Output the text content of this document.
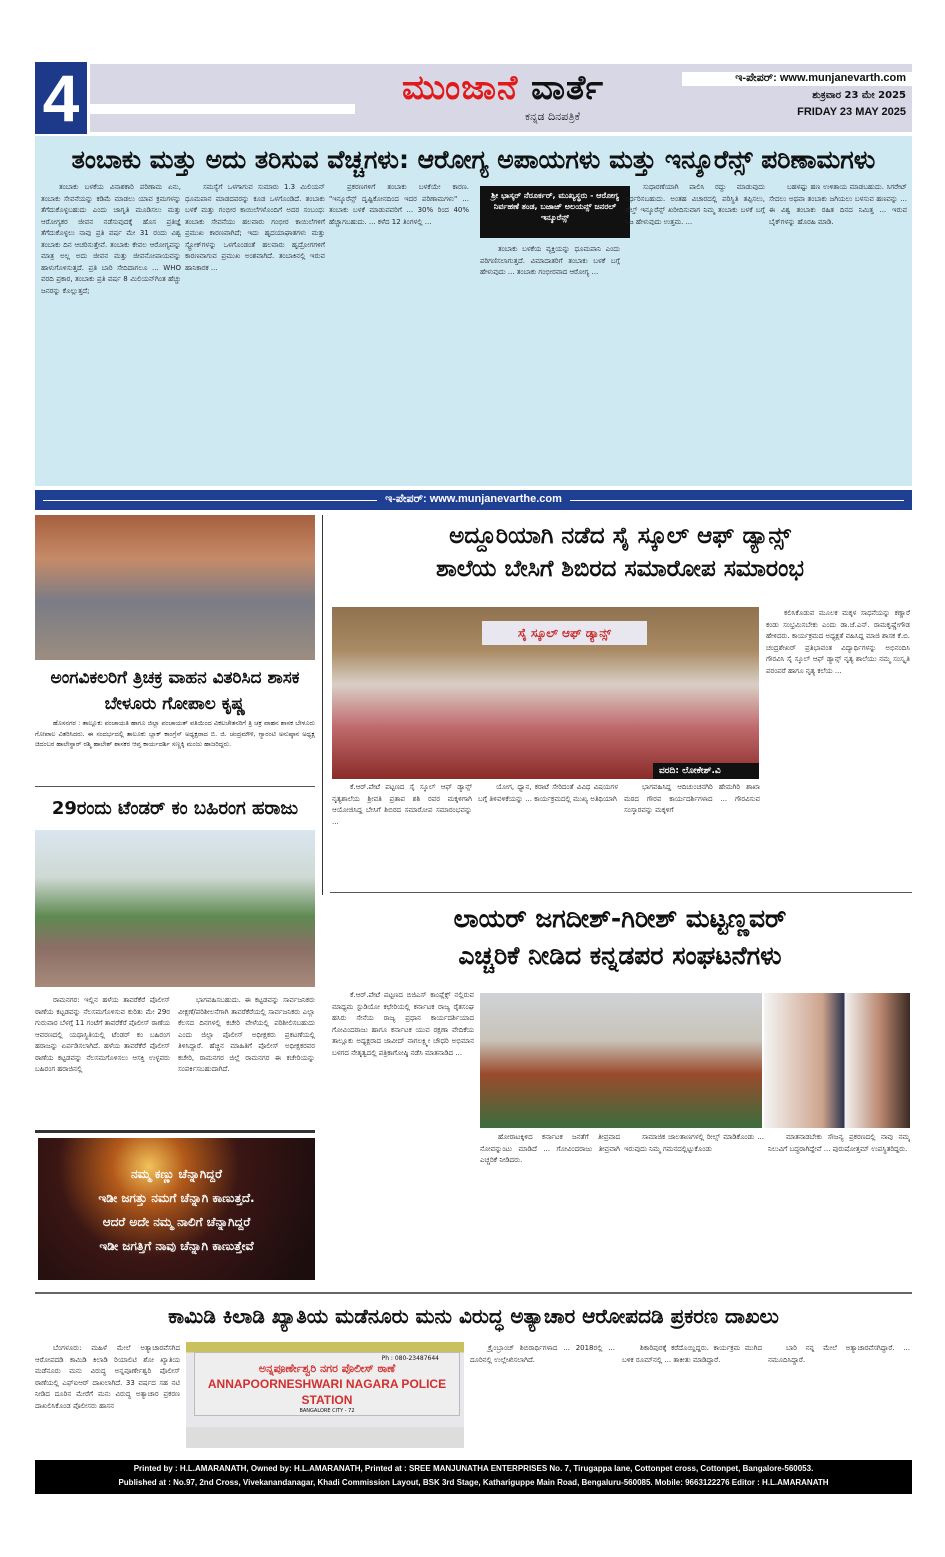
4	ಮುಂಜಾನೆ ವಾರ್ತೆ
ಕನ್ನಡ ದಿನಪತ್ರಿಕೆ
ಇ-ಪೇಪರ್: www.munjanevarth.com
ಶುಕ್ರವಾರ 23 ಮೇ 2025
FRIDAY 23 MAY 2025
ತಂಬಾಕು ಮತ್ತು ಅದು ತರಿಸುವ ವೆಚ್ಚಗಳು: ಆರೋಗ್ಯ ಅಪಾಯಗಳು ಮತ್ತು ಇನ್ಶೂರೆನ್ಸ್ ಪರಿಣಾಮಗಳು

ತಂಬಾಕು ಬಳಕೆಯ ವಿನಾಶಕಾರಿ ಪರಿಣಾಮ ಏನು, ತಂಬಾಕು ಸೇವನೆಯನ್ನು ಕಡಿಮೆ ಮಾಡಲು ಯಾವ ಕ್ರಮಗಳನ್ನು ತೆಗೆದುಕೊಳ್ಳಬಹುದು ಎಂದು ಜಾಗೃತಿ ಮೂಡಿಸಲು ಮತ್ತು ಆರೋಗ್ಯಕರ ಜೀವನ ನಡೆಸುವುದಕ್ಕೆ ಹೊಸ ಪ್ರತಿಜ್ಞೆ ತೆಗೆದುಕೊಳ್ಳಲು ನಾವು ಪ್ರತಿ ವರ್ಷ ಮೇ 31 ರಂದು ವಿಶ್ವ ತಂಬಾಕು ದಿನ ಆಚರಿಸುತ್ತೇವೆ. ತಂಬಾಕು ಕೇವಲ ಆರೋಗ್ಯವನ್ನು ಮಾತ್ರ ಅಲ್ಲ ಅದು ಜೀವನ ಮತ್ತು ಜೀವನೋಪಾಯವನ್ನು ಹಾಳುಗೊಳಿಸುತ್ತದೆ. ಪ್ರತಿ ಬಾರಿ ಸೇದಿದಾಗಲೂ ... WHO ವರದಿ ಪ್ರಕಾರ, ತಂಬಾಕು ಪ್ರತಿ ವರ್ಷ 8 ಮಿಲಿಯನ್‌ಗಿಂತ ಹೆಚ್ಚು ಜನರನ್ನು ಕೊಲ್ಲುತ್ತದೆ;

ಸಮಸ್ಯೆಗೆ ಒಳಗಾಗುವ ಸುಮಾರು 1.3 ಮಿಲಿಯನ್ ಧೂಮಪಾನ ಮಾಡದವರನ್ನು ಕೂಡ ಒಳಗೊಂಡಿದೆ. ತಂಬಾಕು ಬಳಕೆ ಮತ್ತು ಗಂಭೀರ ಕಾಯಿಲೆಗಳೊಂದಿಗೆ ಅದರ ಸಂಬಂಧ: ತಂಬಾಕು ಸೇವನೆಯು ಹಲವಾರು ಗಂಭೀರ ಕಾಯಿಲೆಗಳಿಗೆ ಪ್ರಮುಖ ಕಾರಣವಾಗಿದೆ; ಇದು ಹೃದಯಾಘಾತಗಳು ಮತ್ತು ಸ್ಟ್ರೋಕ್‌ಗಳನ್ನು ಒಳಗೊಂಡಂತೆ ಹಲವಾರು ಹೃದ್ರೋಗಗಳಿಗೆ ಕಾರಣವಾಗುವ ಪ್ರಮುಖ ಅಂಶವಾಗಿದೆ. ತಂಬಾಕಿನಲ್ಲಿ ಇರುವ ಹಾನಿಕಾರಕ ...

ಪ್ರಕರಣಗಳಿಗೆ ತಂಬಾಕು ಬಳಕೆಯೇ ಕಾರಣ. "ಇನ್ಶೂರೆನ್ಸ್ ದೃಷ್ಟಿಕೋನದಿಂದ ಇದರ ಪರಿಣಾಮಗಳು" ... ತಂಬಾಕು ಬಳಕೆ ಮಾಡುವವರಿಗೆ ... 30% ರಿಂದ 40% ಹೆಚ್ಚಾಗಬಹುದು. ... ಕಳೆದ 12 ತಿಂಗಳಲ್ಲಿ ...

ಶ್ರೀ ಭಾಸ್ಕರ್ ನೆರೂರ್ಕರ್, ಮುಖ್ಯಸ್ಥರು - ಆರೋಗ್ಯ ನಿರ್ವಹಣೆ ತಂಡ, ಬಜಾಜ್ ಅಲಯನ್ಸ್ ಜನರಲ್ ಇನ್ಶೂರೆನ್ಸ್

ತಂಬಾಕು ಬಳಕೆಯ ವ್ಯಕ್ತಿಯನ್ನು ಧೂಮಪಾನಿ ಎಂದು ಪರಿಗಣಿಸಲಾಗುತ್ತದೆ. ವಿಮಾದಾತರಿಗೆ ತಂಬಾಕು ಬಳಕೆ ಬಗ್ಗೆ ಹೇಳುವುದು ... ತಂಬಾಕು ಗಂಭೀರವಾದ ಆರೋಗ್ಯ ...

ಸುಧಾರಣೆಯಾಗಿ ಪಾಲಿಸಿ ರದ್ದು ಮಾಡುವುದು ನಿರ್ಧರಿಸಬಹುದು. ಅಂತಹ ವಿಚಾರದಲ್ಲಿ ಪರಿಸ್ಥಿತಿ ತಪ್ಪಿಸಲು, ಹೆಲ್ತ್ ಇನ್ಶೂರೆನ್ಸ್ ಖರೀದಿಸುವಾಗ ನಿಮ್ಮ ತಂಬಾಕು ಬಳಕೆ ಬಗ್ಗೆ ನಿಜ ಹೇಳುವುದು ಉತ್ತಮ. ...

ಬಹಳಷ್ಟು ಹಣ ಉಳಿತಾಯ ಮಾಡಬಹುದು. ಸಿಗರೇಟ್ ಸೇದಲು ಅಥವಾ ತಂಬಾಕು ಜಗಿಯಲು ಬಳಸುವ ಹಣವನ್ನು ... ಈ ವಿಶ್ವ ತಂಬಾಕು ರಹಿತ ದಿನದ ನಿಮಿತ್ತ ... ಇರುವ ಬೈಕ್‌ಗಳನ್ನು ಹೊರಹಿ ಮಾಡಿ.

ಇ-ಪೇಪರ್: www.munjanevarthe.com
ಅಂಗವಿಕಲರಿಗೆ ತ್ರಿಚಕ್ರ ವಾಹನ ವಿತರಿಸಿದ ಶಾಸಕ ಬೇಳೂರು ಗೋಪಾಲ ಕೃಷ್ಣ

ಹೊಸನಗರ : ತಾಲ್ಲೂಕು ಪಂಚಾಯತಿ ಹಾಗೂ ಜಿಲ್ಲಾ ಪಂಚಾಯತ್ ವತಿಯಿಂದ ವಿಕಲಚೇತನರಿಗೆ ತ್ರಿ ಚಕ್ರ ವಾಹನ ಶಾಸಕ ಬೇಳೂರು ಗೋಪಾಲ ವಿತರಿಸಿದರು. ಈ ಸಂದರ್ಭದಲ್ಲಿ ತಾಲೂಕು ಬ್ಲಾಕ್ ಕಾಂಗ್ರೆಸ್ ಅಧ್ಯಕ್ಷರಾದ ಬಿ. ಜಿ. ಚಂದ್ರಮೌಳಿ, ಗ್ಯಾರಂಟಿ ಅನುಷ್ಠಾನ ಅಧ್ಯಕ್ಷ ಚಿದಂಬರ ಹಾಲೇಸ್ಥಾರ್ ರಶ್ಮಿ ಹಾಲೇಶ್ ಶಾಸಕರ ಆಪ್ತ ಕಾರ್ಯದರ್ಶಿ ಸಣ್ಣಕ್ಕಿ ಮಂಜು ಹಾಜರಿದ್ದರು.

29ರಂದು ಟೆಂಡರ್ ಕಂ ಬಹಿರಂಗ ಹರಾಜು

ರಾಮನಗರ: ಇಲ್ಲಿನ ಹಳೆಯ ತಾವರೆಕೆರೆ ಪೊಲೀಸ್ ಠಾಣೆಯ ಕಟ್ಟಡವನ್ನು ನೆಲಸಮಗೊಳಿಸುವ ಕುರಿತು ಮೇ 29ರ ಗುರುವಾರ ಬೆಳಗ್ಗೆ 11 ಗಂಟೆಗೆ ತಾವರೆಕೆರೆ ಪೊಲೀಸ್ ಠಾಣೆಯ ಆವರಣದಲ್ಲಿ ಯಥಾಸ್ಥಿತಿಯಲ್ಲಿ ಟೆಂಡರ್ ಕಂ ಬಹಿರಂಗ ಹರಾಜನ್ನು ಏರ್ಪಡಿಸಲಾಗಿದೆ. ಹಳೆಯ ತಾವರೆಕೆರೆ ಪೊಲೀಸ್ ಠಾಣೆಯ ಕಟ್ಟಡವನ್ನು ನೆಲಸಮಗೊಳಿಸಲು ಆಸಕ್ತಿ ಉಳ್ಳವರು ಬಹಿರಂಗ ಹರಾಜಿನಲ್ಲಿ

ಭಾಗವಹಿಸಬಹುದು. ಈ ಕಟ್ಟಡವನ್ನು ಸಾರ್ವಜನಿಕರು ವೀಕ್ಷಣೆ/ಪರಿಶೀಲನೆಗಾಗಿ ತಾವರೆಕೆರೆಯಲ್ಲಿ ಸಾರ್ವಜನಿಕರು ಎಲ್ಲಾ ಕೆಲಸದ ದಿನಗಳಲ್ಲಿ ಕಚೇರಿ ವೇಳೆಯಲ್ಲಿ ಪರಿಶೀಲಿಸಬಹುದು ಎಂದು ಜಿಲ್ಲಾ ಪೊಲೀಸ್ ಅಧೀಕ್ಷಕರು ಪ್ರಕಟಣೆಯಲ್ಲಿ ತಿಳಿಸಿದ್ದಾರೆ. ಹೆಚ್ಚಿನ ಮಾಹಿತಿಗೆ ಪೊಲೀಸ್ ಅಧೀಕ್ಷಕರವರ ಕಚೇರಿ, ರಾಮನಗರ ಜಿಲ್ಲೆ ರಾಮನಗರ ಈ ಕಚೇರಿಯನ್ನು ಸಂಪರ್ಕಿಸಬಹುದಾಗಿದೆ.

ನಮ್ಮ ಕಣ್ಣು ಚೆನ್ನಾಗಿದ್ದರೆ
ಇಡೀ ಜಗತ್ತು ನಮಗೆ ಚೆನ್ನಾಗಿ ಕಾಣುತ್ತದೆ.
ಆದರೆ ಅದೇ ನಮ್ಮ ನಾಲಿಗೆ ಚೆನ್ನಾಗಿದ್ದರೆ
ಇಡೀ ಜಗತ್ತಿಗೆ ನಾವು ಚೆನ್ನಾಗಿ ಕಾಣುತ್ತೇವೆ
ಅದ್ದೂರಿಯಾಗಿ ನಡೆದ ಸೈ ಸ್ಕೂಲ್ ಆಫ್ ಡ್ಯಾನ್ಸ್
ಶಾಲೆಯ ಬೇಸಿಗೆ ಶಿಬಿರದ ಸಮಾರೋಪ ಸಮಾರಂಭ
ಸೈ ಸ್ಕೂಲ್ ಆಫ್ ಡ್ಯಾನ್ಸ್
ವರದಿ: ಲೋಕೇಶ್.ವಿ

ಕೆ.ಆರ್.ಪೇಟೆ ಪಟ್ಟಣದ ಸೈ ಸ್ಕೂಲ್ ಆಫ್ ಡ್ಯಾನ್ಸ್ ನೃತ್ಯಶಾಲೆಯ ಶ್ರೀವತಿ ಪ್ರತಾಪ ಶಶಿ ರವರ ಮಕ್ಕಳಿಗಾಗಿ ಆಯೋಜಿಸಿದ್ದ ಬೇಸಿಗೆ ಶಿಬಿರದ ಸಮಾರೋಪ ಸಮಾರಂಭವನ್ನು ...

ಯೋಗ, ಧ್ಯಾನ, ಕರಾಟೆ ಸೇರಿದಂತೆ ವಿವಿಧ ವಿಷಯಗಳ ಬಗ್ಗೆ ತಿಳಿವಳಿಕೆಯನ್ನು ... ಕಾರ್ಯಕ್ರಮದಲ್ಲಿ ಮುಖ್ಯ ಅತಿಥಿಯಾಗಿ

ಭಾಗವಹಿಸಿದ್ದ ಆದಿಚುಂಚನಗಿರಿ ಹೇಮಗಿರಿ ಶಾಖಾ ಮಠದ ಗೌರವ ಕಾರ್ಯದರ್ಶಿಗಳಾದ ... ಗೌರವಿಸುವ ಸಂಸ್ಕಾರವನ್ನು ಮಕ್ಕಳಿಗೆ

ಕಲಿಸಿಕೊಡುವ ಮೂಲಕ ಮಕ್ಕಳ ಸಾಧನೆಯನ್ನು ಕಣ್ಣಾರೆ ಕಂಡು ಸಂಭ್ರಮಿಸಬೇಕು ಎಂದು ಡಾ.ಜೆ.ಎನ್. ರಾಮಕೃಷ್ಣೇಗೌಡ ಹೇಳಿದರು. ಕಾರ್ಯಕ್ರಮದ ಅಧ್ಯಕ್ಷತೆ ವಹಿಸಿದ್ದ ಮಾಜಿ ಶಾಸಕ ಕೆ.ಬಿ. ಚಂದ್ರಶೇಖರ್ ಪ್ರತಿಭಾವಂತ ವಿದ್ಯಾರ್ಥಿಗಳನ್ನು ಅಭಿನಂದಿಸಿ ಗೌರವಿಸಿ ಸೈ ಸ್ಕೂಲ್ ಆಫ್ ಡ್ಯಾನ್ಸ್ ನೃತ್ಯ ಶಾಲೆಯು ನಮ್ಮ ಸಂಸ್ಕೃತಿ ಪರಂಪರೆ ಹಾಗೂ ನೃತ್ಯ ಕಲೆಯ ...

ಲಾಯರ್ ಜಗದೀಶ್-ಗಿರೀಶ್ ಮಟ್ಟಣ್ಣವರ್
ಎಚ್ಚರಿಕೆ ನೀಡಿದ ಕನ್ನಡಪರ ಸಂಘಟನೆಗಳು

ಕೆ.ಆರ್.ಪೇಟೆ ಪಟ್ಟಣದ ಬಿಜಿಎಸ್ ಕಾಂಪ್ಲೆಕ್ಸ್ ನಲ್ಲಿರುವ ಮಾಧ್ಯಮ ಸ್ಟುಡಿಯೋ ಕಛೇರಿಯಲ್ಲಿ ಕರ್ನಾಟಕ ರಾಜ್ಯ ರೈತಸಂಘ ಹಸಿರು ಸೇನೆಯ ರಾಜ್ಯ ಪ್ರಧಾನ ಕಾರ್ಯದರ್ಶಿಯಾದ ಗೋವಿಂದರಾಜು ಹಾಗೂ ಕರ್ನಾಟಕ ಯುವ ರಕ್ಷಣಾ ವೇದಿಕೆಯ ತಾಲ್ಲೂಕು ಅಧ್ಯಕ್ಷರಾದ ಜಾವೀದ್ ನಾಗಲಕ್ಷ್ಮೀ ಚೌಧರಿ ಅಭಿಮಾನ ಬಳಗದ ನೇತೃತ್ವದಲ್ಲಿ ಪತ್ರಿಕಾಗೋಷ್ಠಿ ನಡೆಸಿ ಮಾತನಾಡಿದ ...

ಹೋರಾಟಕ್ಕಿಳಿದ ಕರ್ನಾಟಕ ಜನತೆಗೆ ತೀವ್ರವಾದ ನೋವನ್ನುಂಟು ಮಾಡಿದೆ ... ಗೋವಿಂದರಾಜು ತೀವ್ರವಾಗಿ ಎಚ್ಚರಿಕೆ ನೀಡಿದರು.

ಸಾಮಾಜಿಕ ಜಾಲತಾಣಗಳಲ್ಲಿ ರೀಲ್ಸ್ ಮಾಡಿಕೊಂಡು ... ಇರುವುದು ನಿಮ್ಮ ಗಮನದಲ್ಲಿಟ್ಟುಕೊಂಡು

ಮಾತನಾಡಬೇಕು ಸೌಜನ್ಯ ಪ್ರಕರಣದಲ್ಲಿ ನಾವು ನಮ್ಮ ನಿಲುವಿಗೆ ಬದ್ಧರಾಗಿದ್ದೇವೆ ... ಪುರುಷೋತ್ತಮ್ ಉಪಸ್ಥಿತರಿದ್ದರು.

ಕಾಮಿಡಿ ಕಿಲಾಡಿ ಖ್ಯಾತಿಯ ಮಡೆನೂರು ಮನು ವಿರುದ್ಧ ಅತ್ಯಾಚಾರ ಆರೋಪದಡಿ ಪ್ರಕರಣ ದಾಖಲು

ಬೆಂಗಳೂರು: ಮಹಿಳೆ ಮೇಲೆ ಅತ್ಯಾಚಾರವೆಸಗಿದ ಆರೋಪದಡಿ ಕಾಮಿಡಿ ಕಿಲಾಡಿ ರಿಯಾಲಿಟಿ ಶೋ ಖ್ಯಾತಿಯ ಮಡೆನೂರು ಮನು ವಿರುದ್ಧ ಅನ್ನಪೂರ್ಣೇಶ್ವರಿ ಪೊಲೀಸ್ ಠಾಣೆಯಲ್ಲಿ ಎಫ್‌ಐಆರ್ ದಾಖಲಾಗಿದೆ. 33 ವರ್ಷದ ಸಹ ನಟಿ ನೀಡಿದ ದೂರಿನ ಮೇರೆಗೆ ಮನು ವಿರುದ್ಧ ಅತ್ಯಾಚಾರ ಪ್ರಕರಣ ದಾಖಲಿಸಿಕೊಂಡ ಪೊಲೀಸರು ಹಾಸನ

Ph : 080-23487644
ಅನ್ನಪೂರ್ಣೇಶ್ವರಿ ನಗರ ಪೊಲೀಸ್ ಠಾಣೆ
ANNAPOORNESHWARI NAGARA POLICE STATION
BANGALORE CITY - 72

ಕ್ರೈಂಬ್ರಾಂಚ್ ಶಿಬಿರಾರ್ಥಿಗಳಾದ ... 2018ರಲ್ಲಿ ... ದೂರಿನಲ್ಲಿ ಉಲ್ಲೇಖಿಸಲಾಗಿದೆ.

ಶಿಕಾರಿಪುರಕ್ಕೆ ಕರೆದೊಯ್ದಿದ್ದರು. ಕಾರ್ಯಕ್ರಮ ಮುಗಿದ ಬಳಿಕ ರೂಮ್‌ನಲ್ಲಿ ... ತಾಕೀತು ಮಾಡಿದ್ದಾರೆ.

ಬಾರಿ ನನ್ನ ಮೇಲೆ ಅತ್ಯಾಚಾರವೆಸಗಿದ್ದಾರೆ. ... ನಮೂದಿಸಿದ್ದಾರೆ.

Printed by : H.L.AMARANATH, Owned by: H.L.AMARANATH, Printed at : SREE MANJUNATHA ENTERPRISES No. 7, Tirugappa lane, Cottonpet cross, Cottonpet, Bangalore-560053.
Published at : No.97, 2nd Cross, Vivekanandanagar, Khadi Commission Layout, BSK 3rd Stage, Kathariguppe Main Road, Bengaluru-560085. Mobile: 9663122276 Editor : H.L.AMARANATH
